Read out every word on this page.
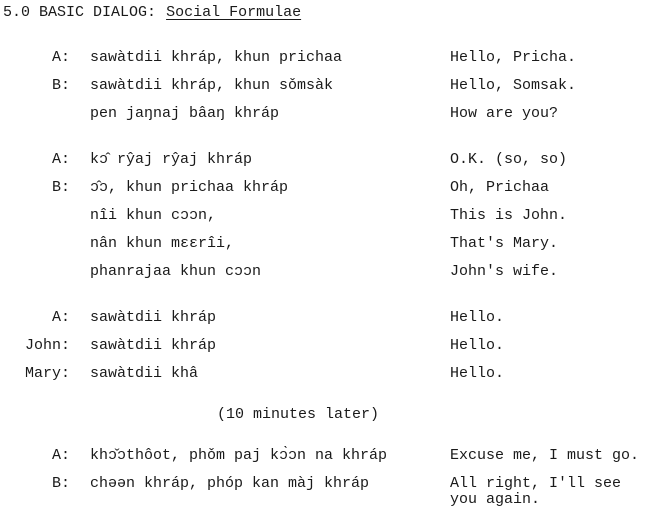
5.0 BASIC DIALOG: Social Formulae
A: sawàtdii khráp, khun prichaa	Hello, Pricha.
B: sawàtdii khráp, khun sǒmsàk	Hello, Somsak.
pen jaŋnaj bâaŋ khráp	How are you?
A: kɔ̂ rŷaj rŷaj khráp	O.K. (so, so)
B: ɔ̂ɔ, khun prichaa khráp	Oh, Prichaa
nîi khun cɔɔn,	This is John.
nân khun mɛɛrîi,	That's Mary.
phanrajaa khun cɔɔn	John's wife.
A: sawàtdii khráp	Hello.
John: sawàtdii khráp	Hello.
Mary: sawàtdii khâ	Hello.
(10 minutes later)
A: khɔ̌ɔthôot, phǒm paj kɔ̀ɔn na khráp	Excuse me, I must go.
B: chəən khráp, phóp kan màj khráp	All right, I'll see you again.
